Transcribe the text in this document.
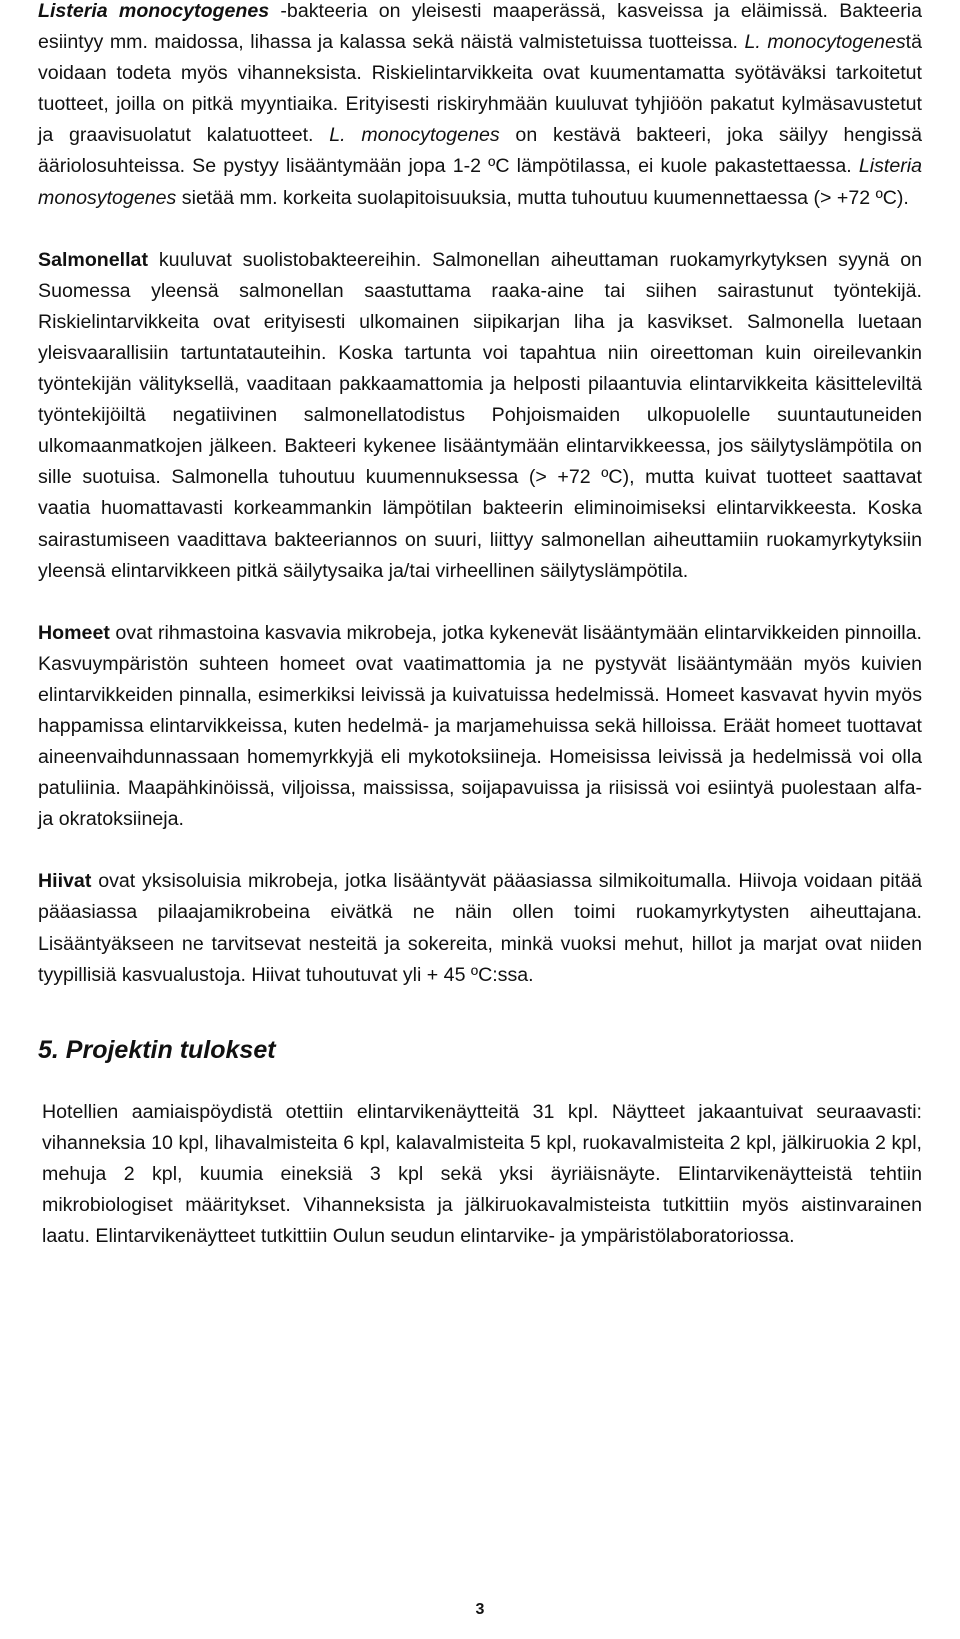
Listeria monocytogenes -bakteeria on yleisesti maaperässä, kasveissa ja eläimissä. Bakteeria esiintyy mm. maidossa, lihassa ja kalassa sekä näistä valmistetuissa tuotteissa. L. monocytogenestä voidaan todeta myös vihanneksista. Riskielintarvikkeita ovat kuumentamatta syötäväksi tarkoitetut tuotteet, joilla on pitkä myyntiaika. Erityisesti riskiryhmään kuuluvat tyhjiöön pakatut kylmäsavustetut ja graavisuolatut kalatuotteet. L. monocytogenes on kestävä bakteeri, joka säilyy hengissä ääriolosuhteissa. Se pystyy lisääntymään jopa 1-2 ºC lämpötilassa, ei kuole pakastettaessa. Listeria monosytogenes sietää mm. korkeita suolapitoisuuksia, mutta tuhoutuu kuumennettaessa (> +72 ºC).

Salmonellat kuuluvat suolistobakteereihin. Salmonellan aiheuttaman ruokamyrkytyksen syynä on Suomessa yleensä salmonellan saastuttama raaka-aine tai siihen sairastunut työntekijä. Riskielintarvikkeita ovat erityisesti ulkomainen siipikarjan liha ja kasvikset. Salmonella luetaan yleisvaarallisiin tartuntatauteihin. Koska tartunta voi tapahtua niin oireettoman kuin oireilevankin työntekijän välityksellä, vaaditaan pakkaamattomia ja helposti pilaantuvia elintarvikkeita käsitteleviltä työntekijöiltä negatiivinen salmonellatodistus Pohjoismaiden ulkopuolelle suuntautuneiden ulkomaanmatkojen jälkeen. Bakteeri kykenee lisääntymään elintarvikkeessa, jos säilytyslämpötila on sille suotuisa. Salmonella tuhoutuu kuumennuksessa (> +72 ºC), mutta kuivat tuotteet saattavat vaatia huomattavasti korkeammankin lämpötilan bakteerin eliminoimiseksi elintarvikkeesta. Koska sairastumiseen vaadittava bakteeriannos on suuri, liittyy salmonellan aiheuttamiin ruokamyrkytyksiin yleensä elintarvikkeen pitkä säilytysaika ja/tai virheellinen säilytyslämpötila.

Homeet ovat rihmastoina kasvavia mikrobeja, jotka kykenevät lisääntymään elintarvikkeiden pinnoilla. Kasvuympäristön suhteen homeet ovat vaatimattomia ja ne pystyvät lisääntymään myös kuivien elintarvikkeiden pinnalla, esimerkiksi leivissä ja kuivatuissa hedelmissä. Homeet kasvavat hyvin myös happamissa elintarvikkeissa, kuten hedelmä- ja marjamehuissa sekä hilloissa. Eräät homeet tuottavat aineenvaihdunnassaan homemyrkkyjä eli mykotoksiineja. Homeisissa leivissä ja hedelmissä voi olla patuliinia. Maapähkinöissä, viljoissa, maississa, soijapavuissa ja riisissä voi esiintyä puolestaan alfa- ja okratoksiineja.

Hiivat ovat yksisoluisia mikrobeja, jotka lisääntyvät pääasiassa silmikoitumalla. Hiivoja voidaan pitää pääasiassa pilaajamikrobeina eivätkä ne näin ollen toimi ruokamyrkytysten aiheuttajana. Lisääntyäkseen ne tarvitsevat nesteitä ja sokereita, minkä vuoksi mehut, hillot ja marjat ovat niiden tyypillisiä kasvualustoja. Hiivat tuhoutuvat yli + 45 ºC:ssa.

5. Projektin tulokset

Hotellien aamiaispöydistä otettiin elintarvikenäytteitä 31 kpl. Näytteet jakaantuivat seuraavasti: vihanneksia 10 kpl, lihavalmisteita 6 kpl, kalavalmisteita 5 kpl, ruokavalmisteita 2 kpl, jälkiruokia 2 kpl, mehuja 2 kpl, kuumia eineksiä 3 kpl sekä yksi äyriäisnäyte. Elintarvikenäytteistä tehtiin mikrobiologiset määritykset. Vihanneksista ja jälkiruokavalmisteista tutkittiin myös aistinvarainen laatu. Elintarvikenäytteet tutkittiin Oulun seudun elintarvike- ja ympäristölaboratoriossa.

3
